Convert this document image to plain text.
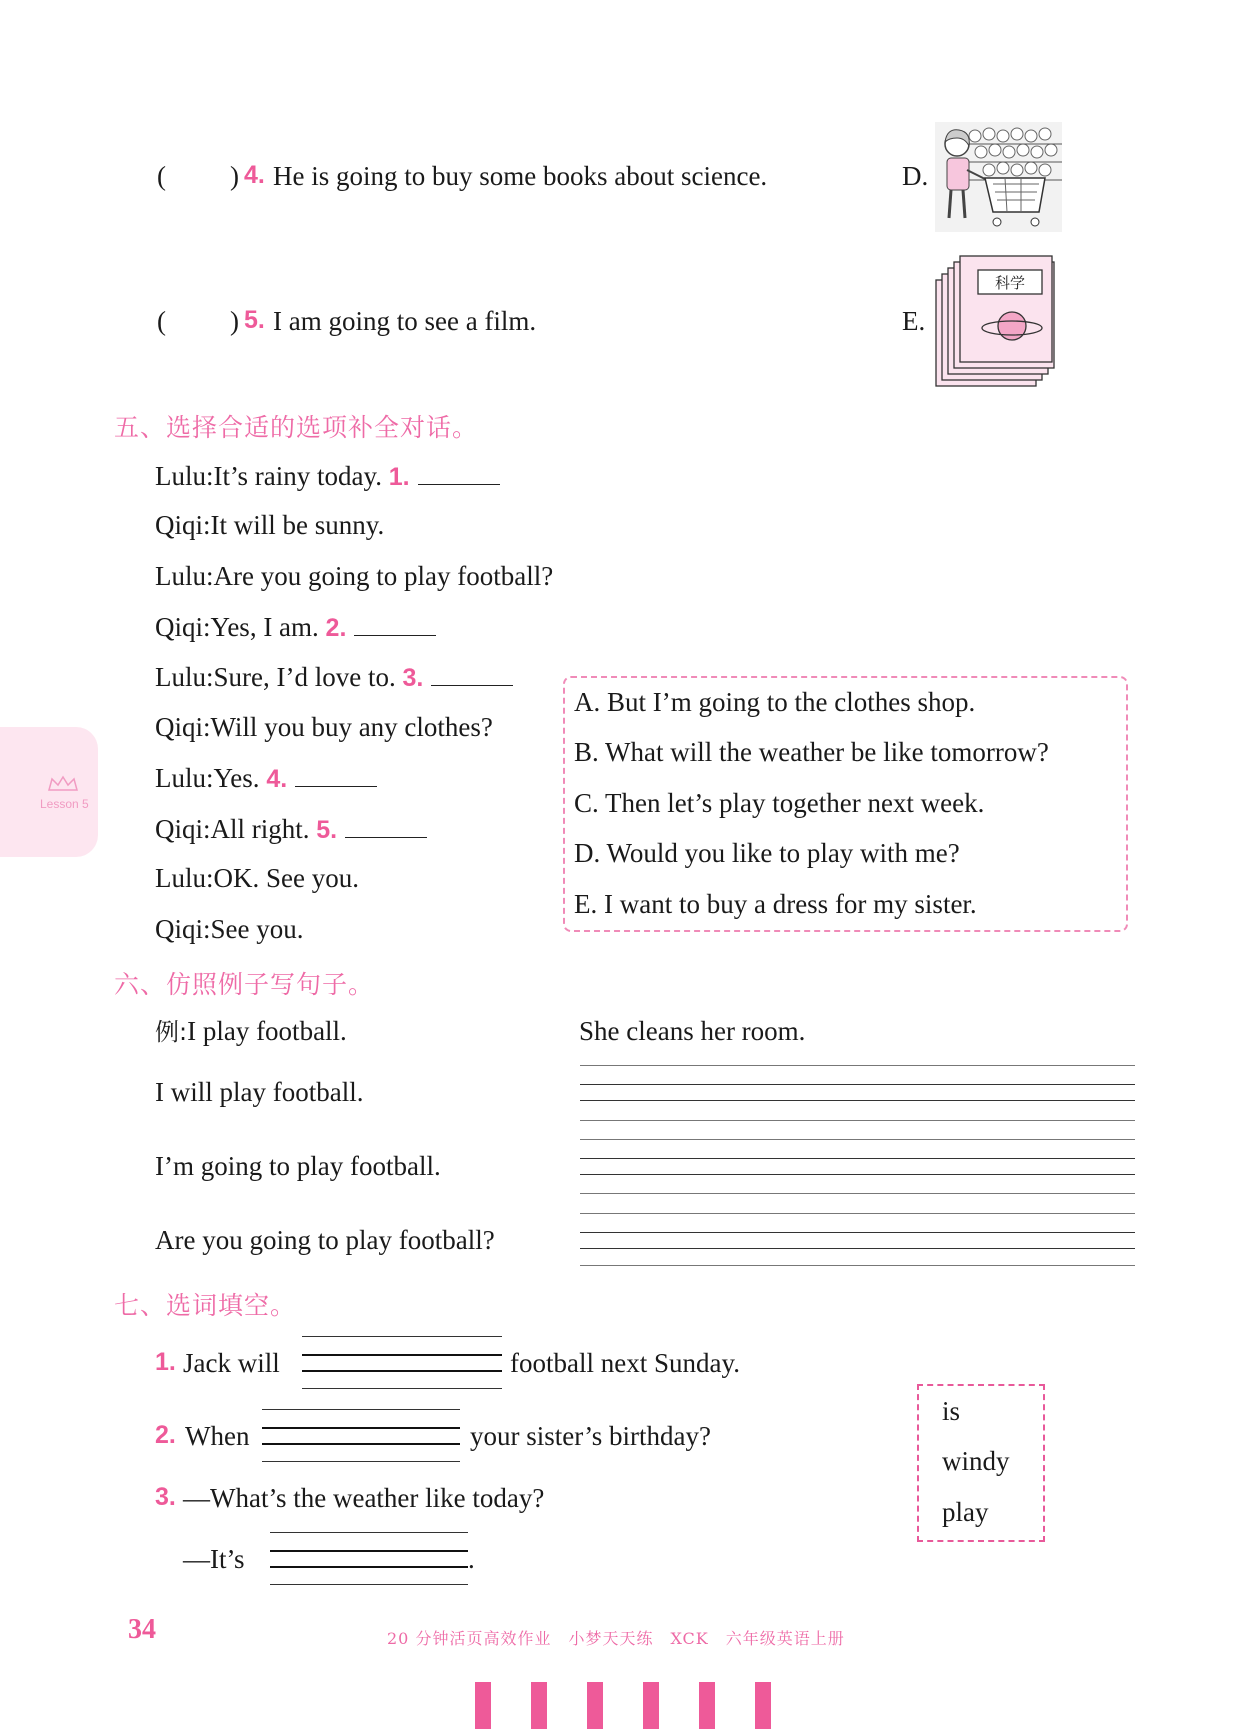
( ) 4. He is going to buy some books about science.	D.
( ) 5. I am going to see a film.	E.
科学
五、选择合适的选项补全对话。
Lulu:It’s rainy today. 1.
Qiqi:It will be sunny.
Lulu:Are you going to play football?
Qiqi:Yes, I am. 2.
Lulu:Sure, I’d love to. 3.
Qiqi:Will you buy any clothes?
Lulu:Yes. 4.
Qiqi:All right. 5.
Lulu:OK. See you.
Qiqi:See you.
A. But I’m going to the clothes shop.
B. What will the weather be like tomorrow?
C. Then let’s play together next week.
D. Would you like to play with me?
E. I want to buy a dress for my sister.
Lesson 5
六、仿照例子写句子。
例:I play football.
I will play football.
I’m going to play football.
Are you going to play football?
She cleans her room.
七、选词填空。
1. Jack will	football next Sunday.
2. When	your sister’s birthday?
3. —What’s the weather like today?
—It’s	.
is
windy
play
34	20 分钟活页高效作业　小梦天天练　XCK　六年级英语上册
